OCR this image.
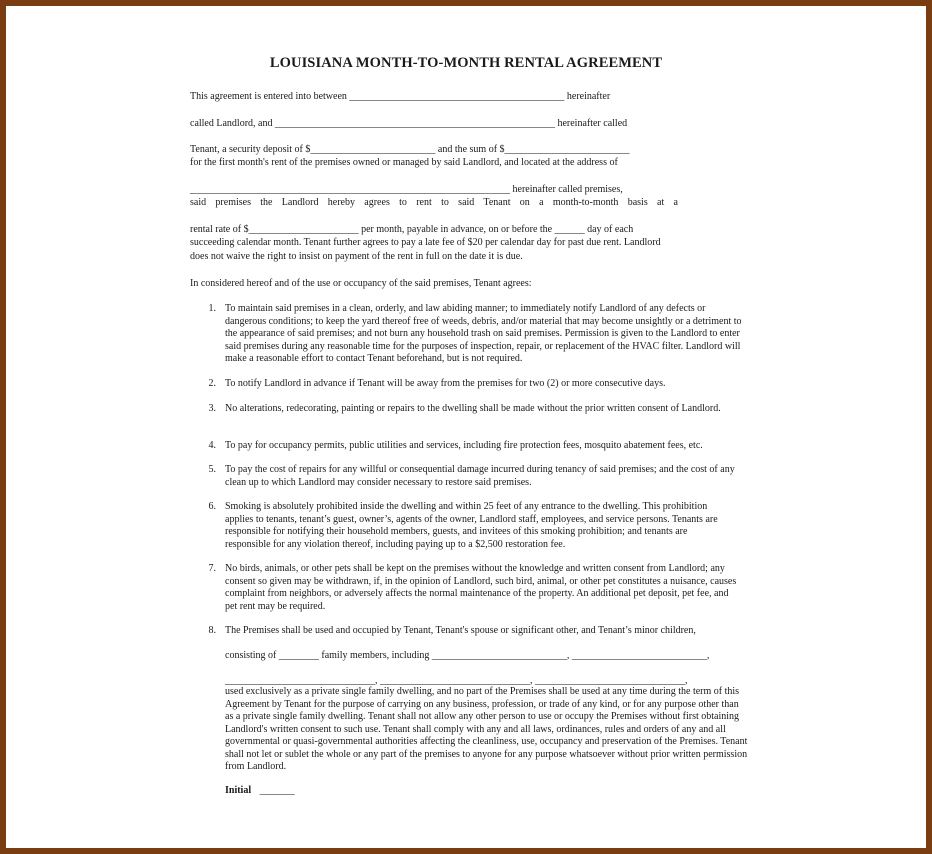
LOUISIANA MONTH-TO-MONTH RENTAL AGREEMENT
This agreement is entered into between ___________________________________________ hereinafter
called Landlord, and ________________________________________________________ hereinafter called
Tenant, a security deposit of $_________________________ and the sum of $_________________________
for the first month's rent of the premises owned or managed by said Landlord, and located at the address of
________________________________________________________________ hereinafter called premises,
said premises the Landlord hereby agrees to rent to said Tenant on a month-to-month basis at a
rental rate of $______________________ per month, payable in advance, on or before the ______ day of each
succeeding calendar month. Tenant further agrees to pay a late fee of $20 per calendar day for past due rent. Landlord
does not waive the right to insist on payment of the rent in full on the date it is due.
In considered hereof and of the use or occupancy of the said premises, Tenant agrees:
1. To maintain said premises in a clean, orderly, and law abiding manner; to immediately notify Landlord of any defects or dangerous conditions; to keep the yard thereof free of weeds, debris, and/or material that may become unsightly or a detriment to the appearance of said premises; and not burn any household trash on said premises. Permission is given to the Landlord to enter said premises during any reasonable time for the purposes of inspection, repair, or replacement of the HVAC filter. Landlord will make a reasonable effort to contact Tenant beforehand, but is not required.
2. To notify Landlord in advance if Tenant will be away from the premises for two (2) or more consecutive days.
3. No alterations, redecorating, painting or repairs to the dwelling shall be made without the prior written consent of Landlord.
4. To pay for occupancy permits, public utilities and services, including fire protection fees, mosquito abatement fees, etc.
5. To pay the cost of repairs for any willful or consequential damage incurred during tenancy of said premises; and the cost of any clean up to which Landlord may consider necessary to restore said premises.
6. Smoking is absolutely prohibited inside the dwelling and within 25 feet of any entrance to the dwelling. This prohibition applies to tenants, tenant’s guest, owner’s, agents of the owner, Landlord staff, employees, and service persons. Tenants are responsible for notifying their household members, guests, and invitees of this smoking prohibition; and tenants are responsible for any violation thereof, including paying up to a $2,500 restoration fee.
7. No birds, animals, or other pets shall be kept on the premises without the knowledge and written consent from Landlord; any consent so given may be withdrawn, if, in the opinion of Landlord, such bird, animal, or other pet constitutes a nuisance, causes complaint from neighbors, or adversely affects the normal maintenance of the property. An additional pet deposit, pet fee, and pet rent may be required.
8. The Premises shall be used and occupied by Tenant, Tenant's spouse or significant other, and Tenant’s minor children,
consisting of ________ family members, including ___________________________, ___________________________,
______________________________, ______________________________, ______________________________,
used exclusively as a private single family dwelling, and no part of the Premises shall be used at any time during the term of this Agreement by Tenant for the purpose of carrying on any business, profession, or trade of any kind, or for any purpose other than as a private single family dwelling. Tenant shall not allow any other person to use or occupy the Premises without first obtaining Landlord's written consent to such use. Tenant shall comply with any and all laws, ordinances, rules and orders of any and all governmental or quasi-governmental authorities affecting the cleanliness, use, occupancy and preservation of the Premises. Tenant shall not let or sublet the whole or any part of the premises to anyone for any purpose whatsoever without prior written permission from Landlord.
Initial _______
